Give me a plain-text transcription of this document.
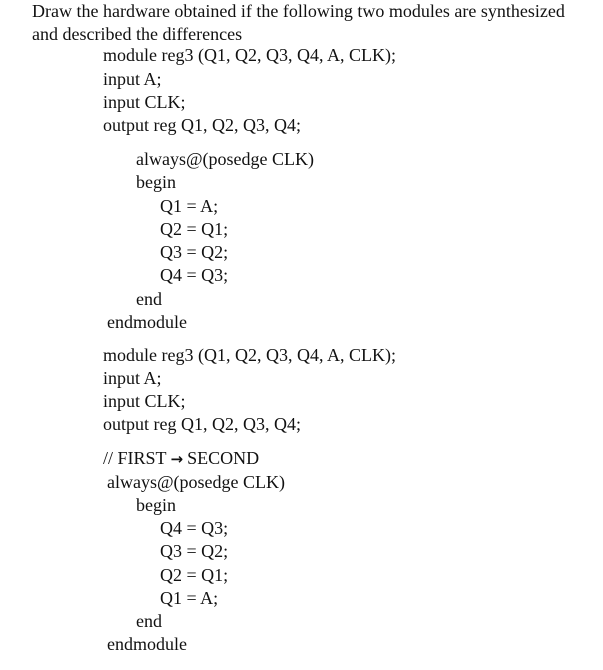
Draw the hardware obtained if the following two modules are synthesized
and described the differences
module reg3 (Q1, Q2, Q3, Q4, A, CLK);
input A;
input CLK;
output reg Q1, Q2, Q3, Q4;
always@(posedge CLK)
begin
Q1 = A;
Q2 = Q1;
Q3 = Q2;
Q4 = Q3;
end
endmodule
module reg3 (Q1, Q2, Q3, Q4, A, CLK);
input A;
input CLK;
output reg Q1, Q2, Q3, Q4;
// FIRST → SECOND
always@(posedge CLK)
begin
Q4 = Q3;
Q3 = Q2;
Q2 = Q1;
Q1 = A;
end
endmodule
